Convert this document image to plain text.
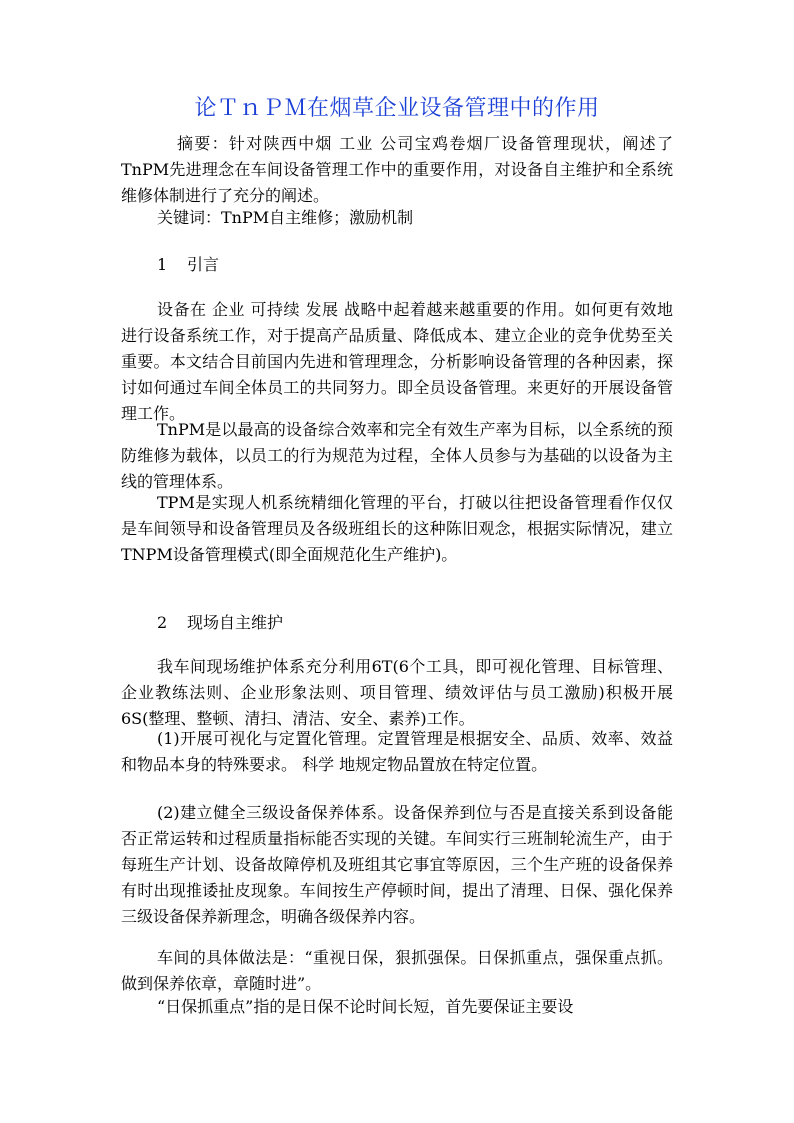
论ＴｎＰＭ在烟草企业设备管理中的作用

摘要：针对陕西中烟 工业 公司宝鸡卷烟厂设备管理现状，阐述了TnPM先进理念在车间设备管理工作中的重要作用，对设备自主维护和全系统维修体制进行了充分的阐述。

关键词：TnPM自主维修；激励机制

1 引言

设备在 企业 可持续 发展 战略中起着越来越重要的作用。如何更有效地进行设备系统工作，对于提高产品质量、降低成本、建立企业的竞争优势至关重要。本文结合目前国内先进和管理理念，分析影响设备管理的各种因素，探讨如何通过车间全体员工的共同努力。即全员设备管理。来更好的开展设备管理工作。

TnPM是以最高的设备综合效率和完全有效生产率为目标，以全系统的预防维修为载体，以员工的行为规范为过程，全体人员参与为基础的以设备为主线的管理体系。

TPM是实现人机系统精细化管理的平台，打破以往把设备管理看作仅仅是车间领导和设备管理员及各级班组长的这种陈旧观念，根据实际情况，建立TNPM设备管理模式(即全面规范化生产维护)。

2 现场自主维护

我车间现场维护体系充分利用6T(6个工具，即可视化管理、目标管理、企业教练法则、企业形象法则、项目管理、绩效评估与员工激励)积极开展6S(整理、整顿、清扫、清洁、安全、素养)工作。

(1)开展可视化与定置化管理。定置管理是根据安全、品质、效率、效益和物品本身的特殊要求。 科学 地规定物品置放在特定位置。

(2)建立健全三级设备保养体系。设备保养到位与否是直接关系到设备能否正常运转和过程质量指标能否实现的关键。车间实行三班制轮流生产，由于每班生产计划、设备故障停机及班组其它事宜等原因，三个生产班的设备保养有时出现推诿扯皮现象。车间按生产停顿时间，提出了清理、日保、强化保养三级设备保养新理念，明确各级保养内容。

车间的具体做法是：“重视日保，狠抓强保。日保抓重点，强保重点抓。做到保养依章，章随时进”。

“日保抓重点”指的是日保不论时间长短，首先要保证主要设
